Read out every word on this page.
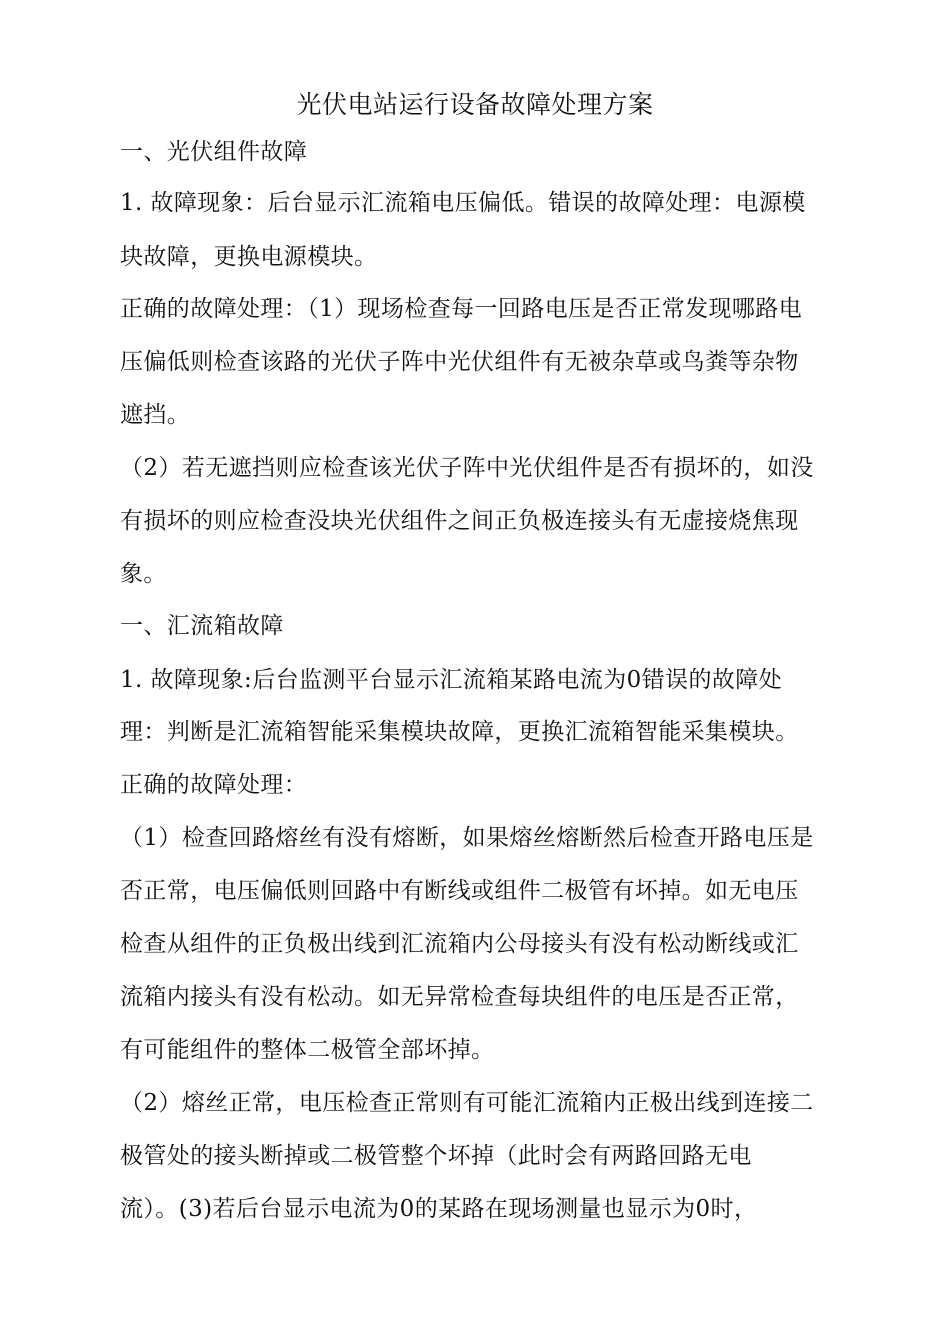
光伏电站运行设备故障处理方案
一、光伏组件故障
1. 故障现象：后台显示汇流箱电压偏低。错误的故障处理：电源模
块故障，更换电源模块。
正确的故障处理：（1）现场检查每一回路电压是否正常发现哪路电
压偏低则检查该路的光伏子阵中光伏组件有无被杂草或鸟粪等杂物
遮挡。
（2）若无遮挡则应检查该光伏子阵中光伏组件是否有损坏的，如没
有损坏的则应检查没块光伏组件之间正负极连接头有无虚接烧焦现
象。
一、汇流箱故障
1. 故障现象:后台监测平台显示汇流箱某路电流为0错误的故障处
理：判断是汇流箱智能采集模块故障，更换汇流箱智能采集模块。
正确的故障处理：
（1）检查回路熔丝有没有熔断，如果熔丝熔断然后检查开路电压是
否正常，电压偏低则回路中有断线或组件二极管有坏掉。如无电压
检查从组件的正负极出线到汇流箱内公母接头有没有松动断线或汇
流箱内接头有没有松动。如无异常检查每块组件的电压是否正常，
有可能组件的整体二极管全部坏掉。
（2）熔丝正常，电压检查正常则有可能汇流箱内正极出线到连接二
极管处的接头断掉或二极管整个坏掉（此时会有两路回路无电
流）。(3)若后台显示电流为0的某路在现场测量也显示为0时，
